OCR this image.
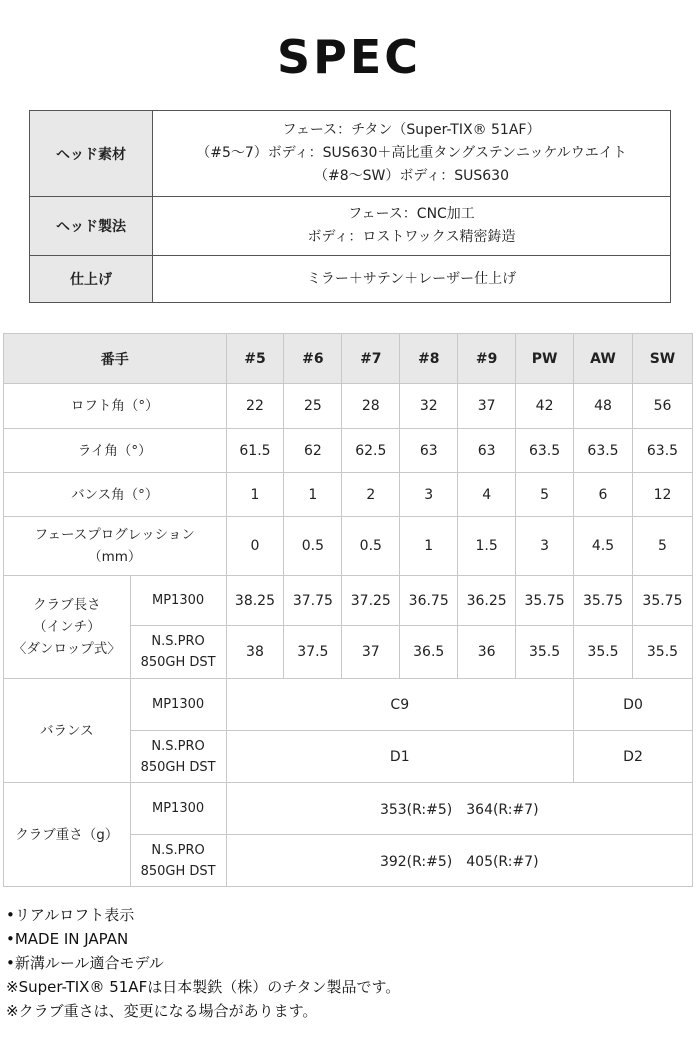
SPEC
ヘッド素材	フェース：チタン（Super-TIX® 51AF）
（#5〜7）ボディ：SUS630＋高比重タングステンニッケルウエイト
（#8〜SW）ボディ：SUS630

ヘッド製法	フェース：CNC加工
ボディ：ロストワックス精密鋳造

仕上げ	ミラー＋サテン＋レーザー仕上げ
番手		#5	#6	#7	#8	#9	PW	AW	SW
ロフト角（°）		22	25	28	32	37	42	48	56
ライ角（°）		61.5	62	62.5	63	63	63.5	63.5	63.5
バンス角（°）		1	1	2	3	4	5	6	12

フェースプログレッション
（mm）		0	0.5	0.5	1	1.5	3	4.5	5

クラブ長さ
（インチ）
〈ダンロップ式〉	MP1300	38.25	37.75	37.25	36.75	36.25	35.75	35.75	35.75

	N.S.PRO
850GH DST	38	37.5	37	36.5	36	35.5	35.5	35.5
バランス	MP1300	C9						D0	

	N.S.PRO
850GH DST	D1						D2	
クラブ重さ（g）	MP1300	353(R:#5)　364(R:#7)							

	N.S.PRO
850GH DST	392(R:#5)　405(R:#7)							
•リアルロフト表示
•MADE IN JAPAN
•新溝ルール適合モデル
※Super-TIX® 51AFは日本製鉄（株）のチタン製品です。
※クラブ重さは、変更になる場合があります。
